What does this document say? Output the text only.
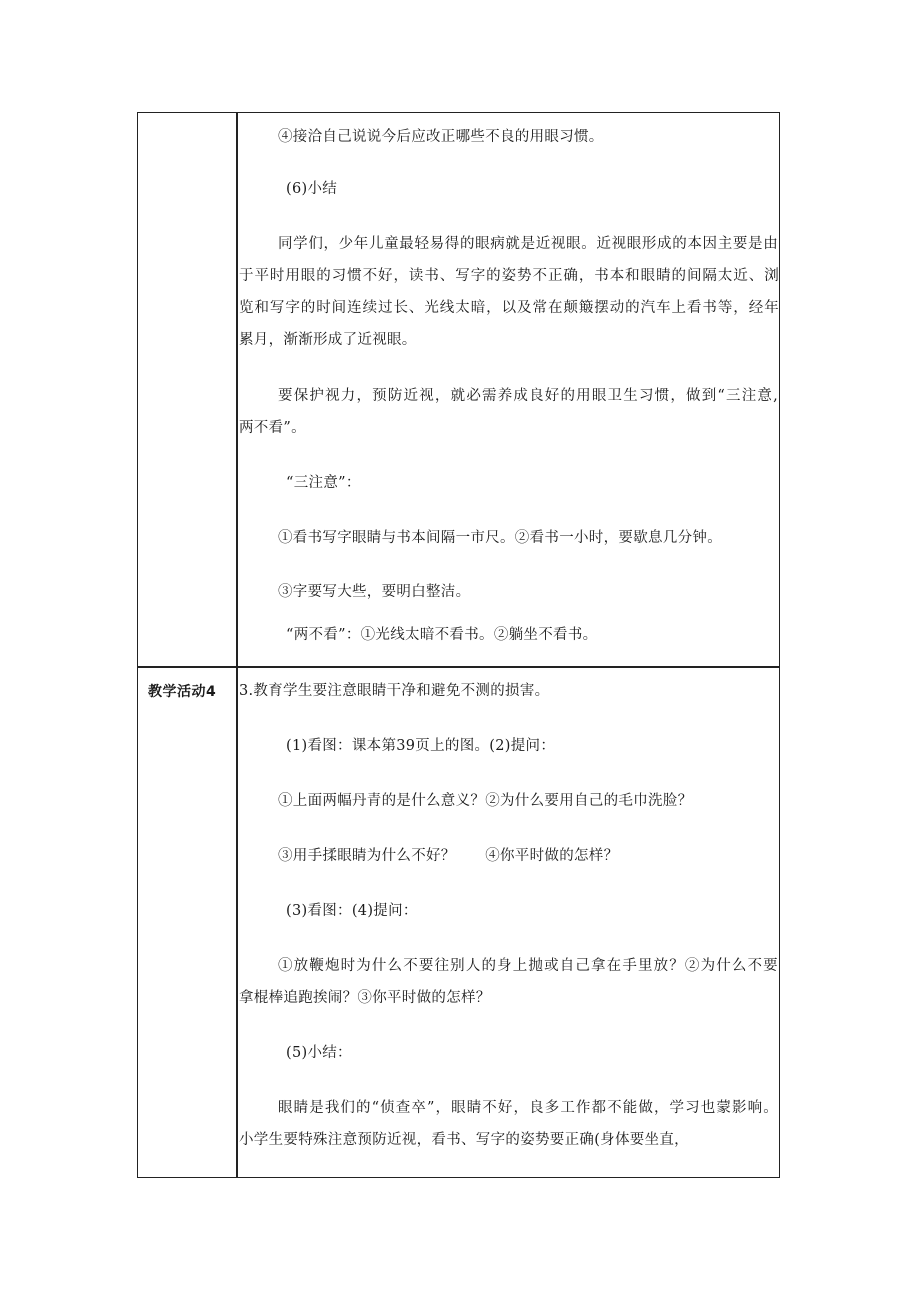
④接洽自己说说今后应改正哪些不良的用眼习惯。
(6)小结
同学们，少年儿童最轻易得的眼病就是近视眼。近视眼形成的本因主要是由
于平时用眼的习惯不好，读书、写字的姿势不正确，书本和眼睛的间隔太近、浏
览和写字的时间连续过长、光线太暗，以及常在颠簸摆动的汽车上看书等，经年
累月，渐渐形成了近视眼。
要保护视力，预防近视，就必需养成良好的用眼卫生习惯，做到“三注意,
两不看”。
“三注意”：
①看书写字眼睛与书本间隔一市尺。②看书一小时，要歇息几分钟。
③字要写大些，要明白整洁。
“两不看”：①光线太暗不看书。②躺坐不看书。
教学活动4 3.教育学生要注意眼睛干净和避免不测的损害。
(1)看图：课本第39页上的图。(2)提问：
①上面两幅丹青的是什么意义？②为什么要用自己的毛巾洗脸？
③用手揉眼睛为什么不好？　　④你平时做的怎样？
(3)看图：(4)提问：
①放鞭炮时为什么不要往别人的身上抛或自己拿在手里放？②为什么不要
拿棍棒追跑挨闹？③你平时做的怎样？
(5)小结：
眼睛是我们的“侦查卒”，眼睛不好，良多工作都不能做，学习也蒙影响。
小学生要特殊注意预防近视，看书、写字的姿势要正确(身体要坐直，
